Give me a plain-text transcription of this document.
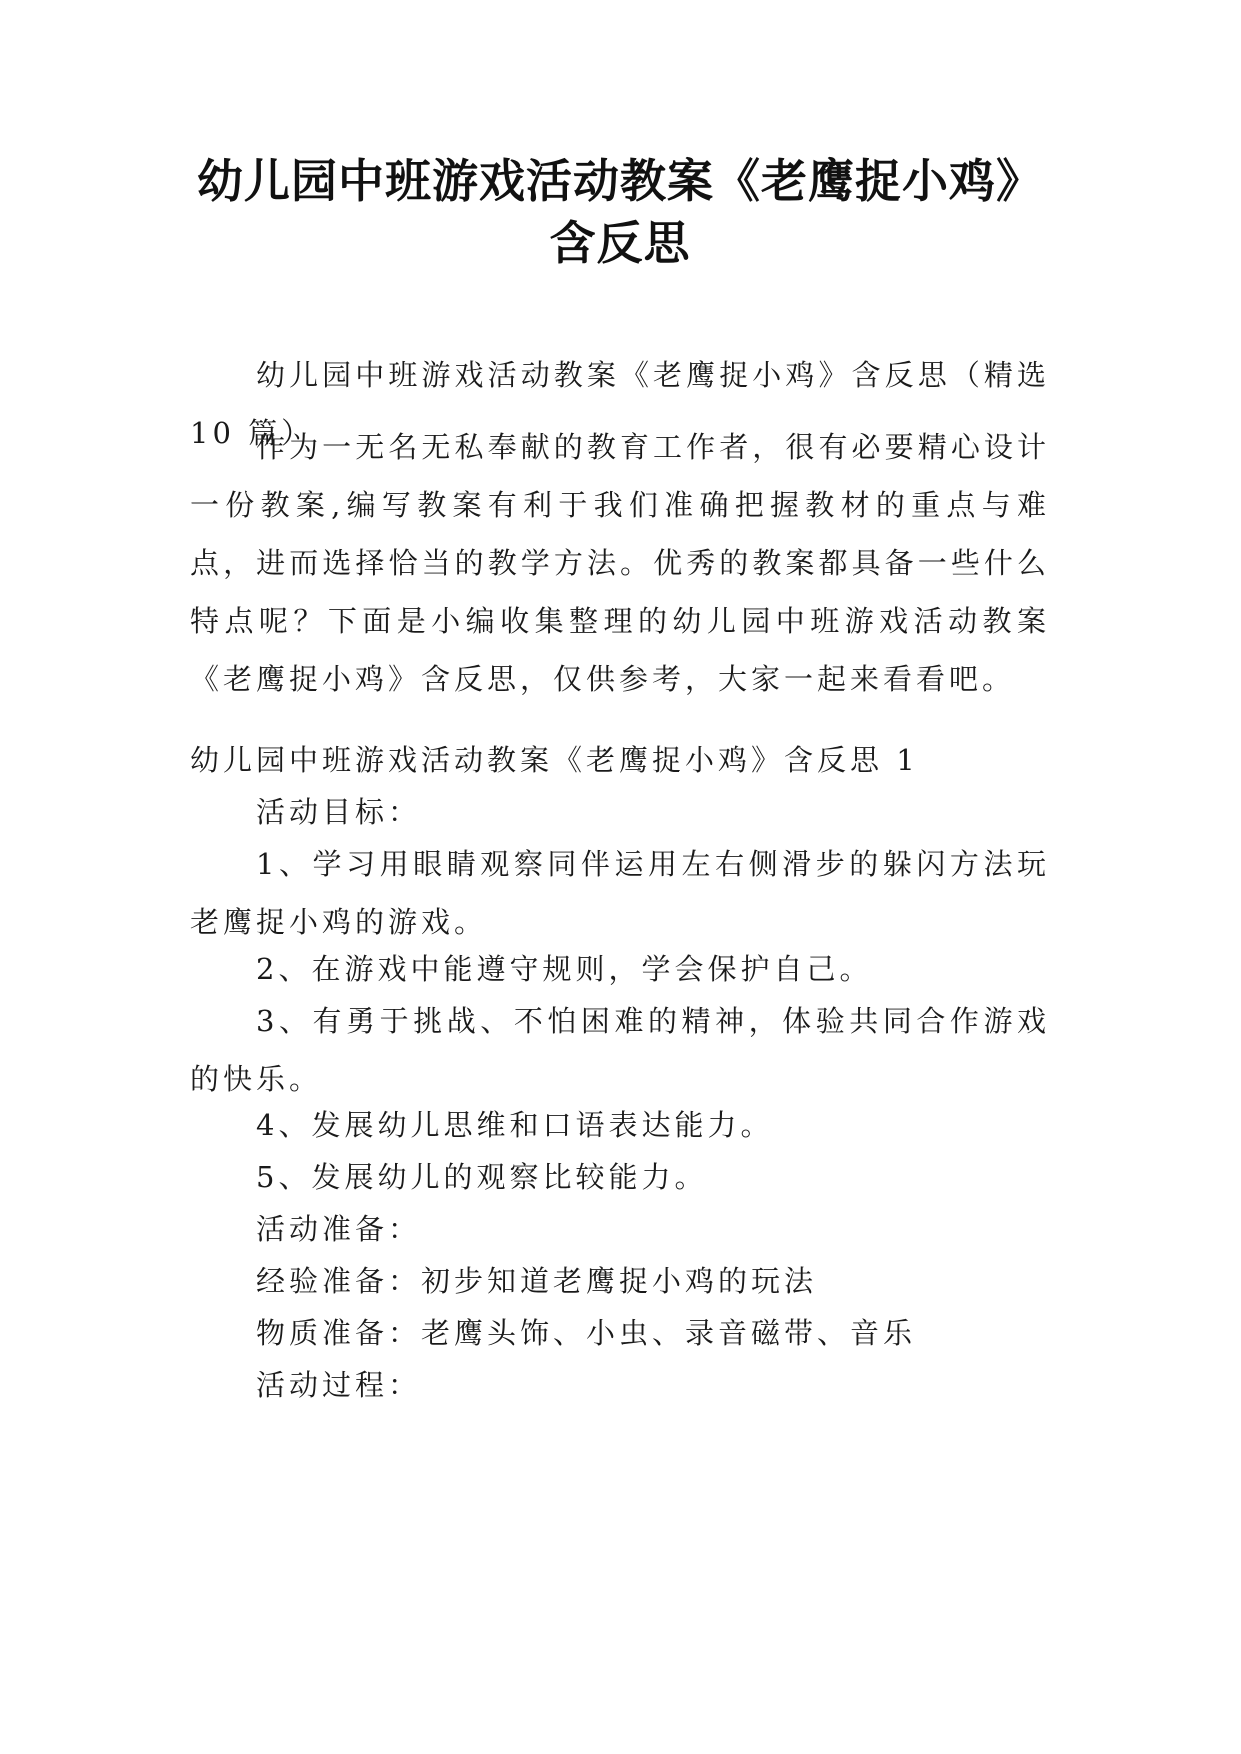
幼儿园中班游戏活动教案《老鹰捉小鸡》含反思
幼儿园中班游戏活动教案《老鹰捉小鸡》含反思（精选 10 篇）
作为一无名无私奉献的教育工作者，很有必要精心设计一份教案,编写教案有利于我们准确把握教材的重点与难点，进而选择恰当的教学方法。优秀的教案都具备一些什么特点呢？下面是小编收集整理的幼儿园中班游戏活动教案《老鹰捉小鸡》含反思，仅供参考，大家一起来看看吧。
幼儿园中班游戏活动教案《老鹰捉小鸡》含反思 1
活动目标：
1、学习用眼睛观察同伴运用左右侧滑步的躲闪方法玩老鹰捉小鸡的游戏。
2、在游戏中能遵守规则，学会保护自己。
3、有勇于挑战、不怕困难的精神，体验共同合作游戏的快乐。
4、发展幼儿思维和口语表达能力。
5、发展幼儿的观察比较能力。
活动准备：
经验准备：初步知道老鹰捉小鸡的玩法
物质准备：老鹰头饰、小虫、录音磁带、音乐
活动过程：
